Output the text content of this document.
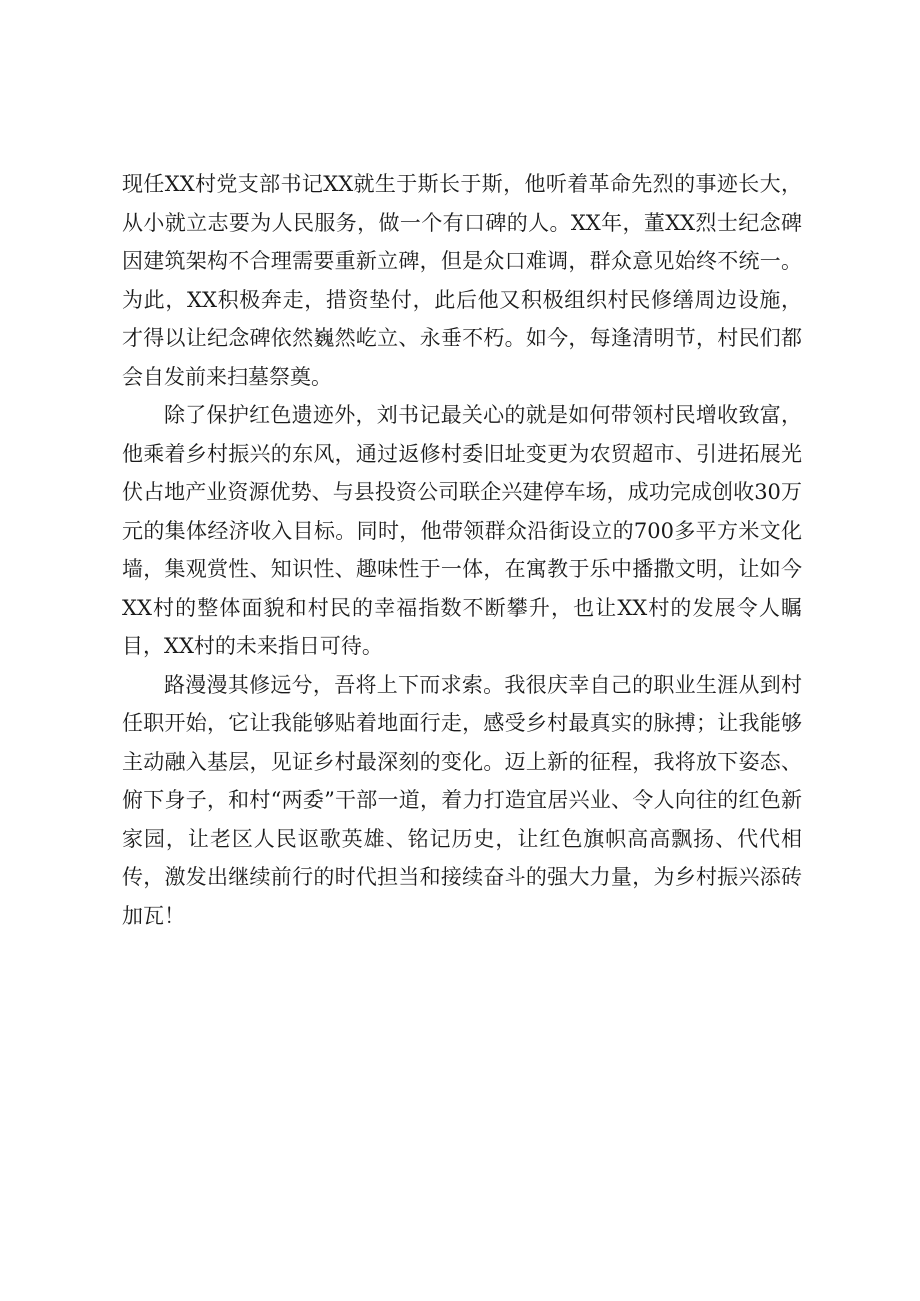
现任XX村党支部书记XX就生于斯长于斯，他听着革命先烈的事迹长大，从小就立志要为人民服务，做一个有口碑的人。XX年，董XX烈士纪念碑因建筑架构不合理需要重新立碑，但是众口难调，群众意见始终不统一。为此，XX积极奔走，措资垫付，此后他又积极组织村民修缮周边设施，才得以让纪念碑依然巍然屹立、永垂不朽。如今，每逢清明节，村民们都会自发前来扫墓祭奠。

除了保护红色遗迹外，刘书记最关心的就是如何带领村民增收致富，他乘着乡村振兴的东风，通过返修村委旧址变更为农贸超市、引进拓展光伏占地产业资源优势、与县投资公司联企兴建停车场，成功完成创收30万元的集体经济收入目标。同时，他带领群众沿街设立的700多平方米文化墙，集观赏性、知识性、趣味性于一体，在寓教于乐中播撒文明，让如今XX村的整体面貌和村民的幸福指数不断攀升，也让XX村的发展令人瞩目，XX村的未来指日可待。

路漫漫其修远兮，吾将上下而求索。我很庆幸自己的职业生涯从到村任职开始，它让我能够贴着地面行走，感受乡村最真实的脉搏；让我能够主动融入基层，见证乡村最深刻的变化。迈上新的征程，我将放下姿态、俯下身子，和村“两委”干部一道，着力打造宜居兴业、令人向往的红色新家园，让老区人民讴歌英雄、铭记历史，让红色旗帜高高飘扬、代代相传，激发出继续前行的时代担当和接续奋斗的强大力量，为乡村振兴添砖加瓦！
